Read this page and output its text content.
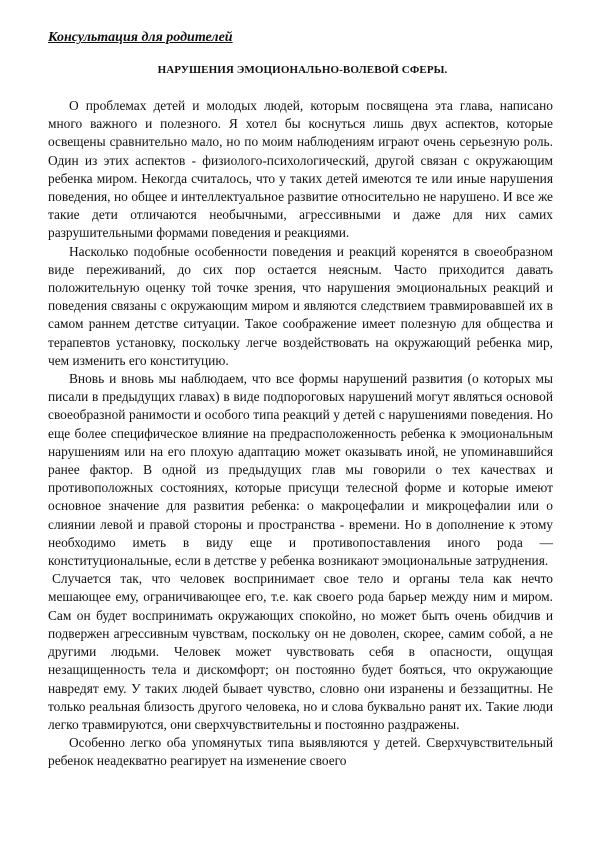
Консультация для родителей
НАРУШЕНИЯ ЭМОЦИОНАЛЬНО-ВОЛЕВОЙ СФЕРЫ.

О проблемах детей и молодых людей, которым посвящена эта глава, написано много важного и полезного. Я хотел бы коснуться лишь двух аспектов, которые освещены сравнительно мало, но по моим наблюдениям играют очень серьезную роль. Один из этих аспектов - физиолого-психологический, другой связан с окружающим ребенка миром. Некогда считалось, что у таких детей имеются те или иные нарушения поведения, но общее и интеллектуальное развитие относительно не нарушено. И все же такие дети отличаются необычными, агрессивными и даже для них самих разрушительными формами поведения и реакциями.

Насколько подобные особенности поведения и реакций коренятся в своеобразном виде переживаний, до сих пор остается неясным. Часто приходится давать положительную оценку той точке зрения, что нарушения эмоциональных реакций и поведения связаны с окружающим миром и являются следствием травмировавшей их в самом раннем детстве ситуации. Такое соображение имеет полезную для общества и терапевтов установку, поскольку легче воздействовать на окружающий ребенка мир, чем изменить его конституцию.

Вновь и вновь мы наблюдаем, что все формы нарушений развития (о которых мы писали в предыдущих главах) в виде подпороговых нарушений могут являться основой своеобразной ранимости и особого типа реакций у детей с нарушениями поведения. Но еще более специфическое влияние на предрасположенность ребенка к эмоциональным нарушениям или на его плохую адаптацию может оказывать иной, не упоминавшийся ранее фактор. В одной из предыдущих глав мы говорили о тех качествах и противоположных состояниях, которые присущи телесной форме и которые имеют основное значение для развития ребенка: о макроцефалии и микроцефалии или о слиянии левой и правой стороны и пространства - времени. Но в дополнение к этому необходимо иметь в виду еще и противопоставления иного рода — конституциональные, если в детстве у ребенка возникают эмоциональные затруднения.

Случается так, что человек воспринимает свое тело и органы тела как нечто мешающее ему, ограничивающее его, т.е. как своего рода барьер между ним и миром. Сам он будет воспринимать окружающих спокойно, но может быть очень обидчив и подвержен агрессивным чувствам, поскольку он не доволен, скорее, самим собой, а не другими людьми. Человек может чувствовать себя в опасности, ощущая незащищенность тела и дискомфорт; он постоянно будет бояться, что окружающие навредят ему. У таких людей бывает чувство, словно они изранены и беззащитны. Не только реальная близость другого человека, но и слова буквально ранят их. Такие люди легко травмируются, они сверхчувствительны и постоянно раздражены.

Особенно легко оба упомянутых типа выявляются у детей. Сверхчувствительный ребенок неадекватно реагирует на изменение своего
